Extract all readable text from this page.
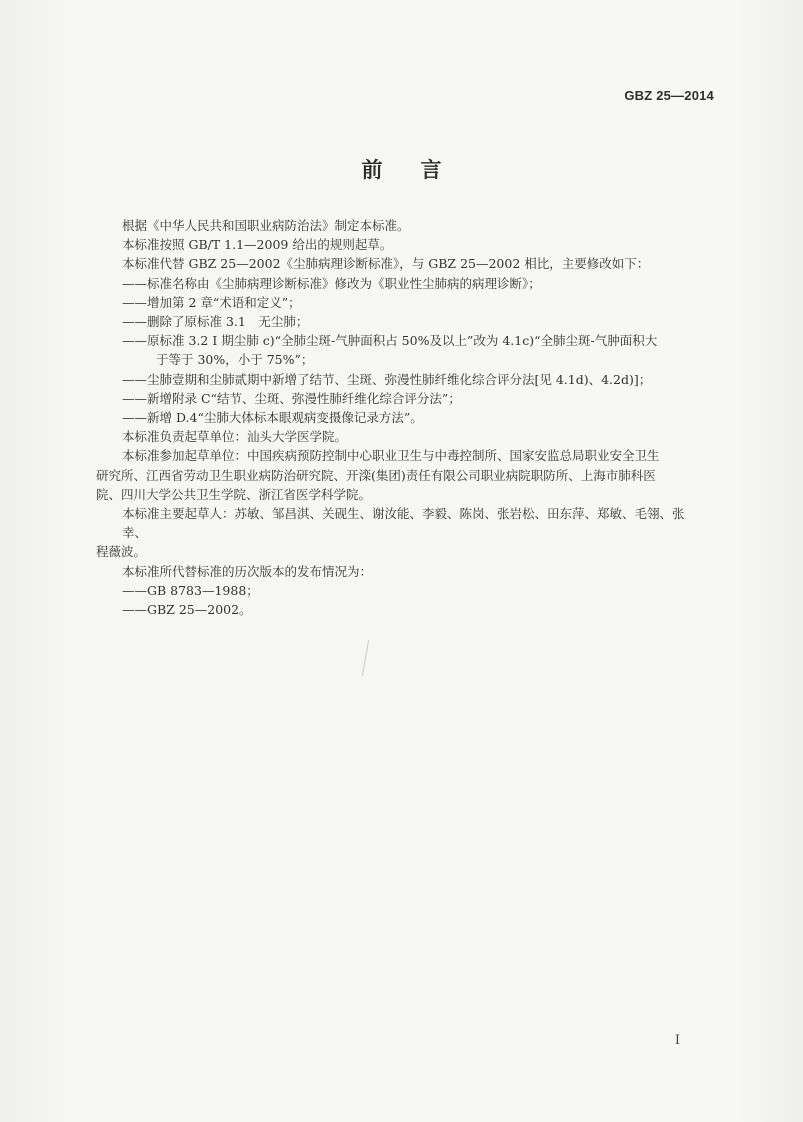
GBZ 25—2014
前言

根据《中华人民共和国职业病防治法》制定本标准。

本标准按照 GB/T 1.1—2009 给出的规则起草。

本标准代替 GBZ 25—2002《尘肺病理诊断标准》，与 GBZ 25—2002 相比，主要修改如下：

——标准名称由《尘肺病理诊断标准》修改为《职业性尘肺病的病理诊断》；

——增加第 2 章“术语和定义”；

——删除了原标准 3.1　无尘肺；

——原标准 3.2 Ⅰ 期尘肺 c)“全肺尘斑-气肿面积占 50%及以上”改为 4.1c)“全肺尘斑-气肿面积大

于等于 30%，小于 75%”；

——尘肺壹期和尘肺贰期中新增了结节、尘斑、弥漫性肺纤维化综合评分法[见 4.1d)、4.2d)]；

——新增附录 C“结节、尘斑、弥漫性肺纤维化综合评分法”；

——新增 D.4“尘肺大体标本眼观病变摄像记录方法”。

本标准负责起草单位：汕头大学医学院。

本标准参加起草单位：中国疾病预防控制中心职业卫生与中毒控制所、国家安监总局职业安全卫生

研究所、江西省劳动卫生职业病防治研究院、开滦(集团)责任有限公司职业病院职防所、上海市肺科医

院、四川大学公共卫生学院、浙江省医学科学院。

本标准主要起草人：苏敏、邹昌淇、关砚生、谢汝能、李毅、陈岗、张岩松、田东萍、郑敏、毛翎、张幸、

程薇波。

本标准所代替标准的历次版本的发布情况为：

——GB 8783—1988；

——GBZ 25—2002。

I
